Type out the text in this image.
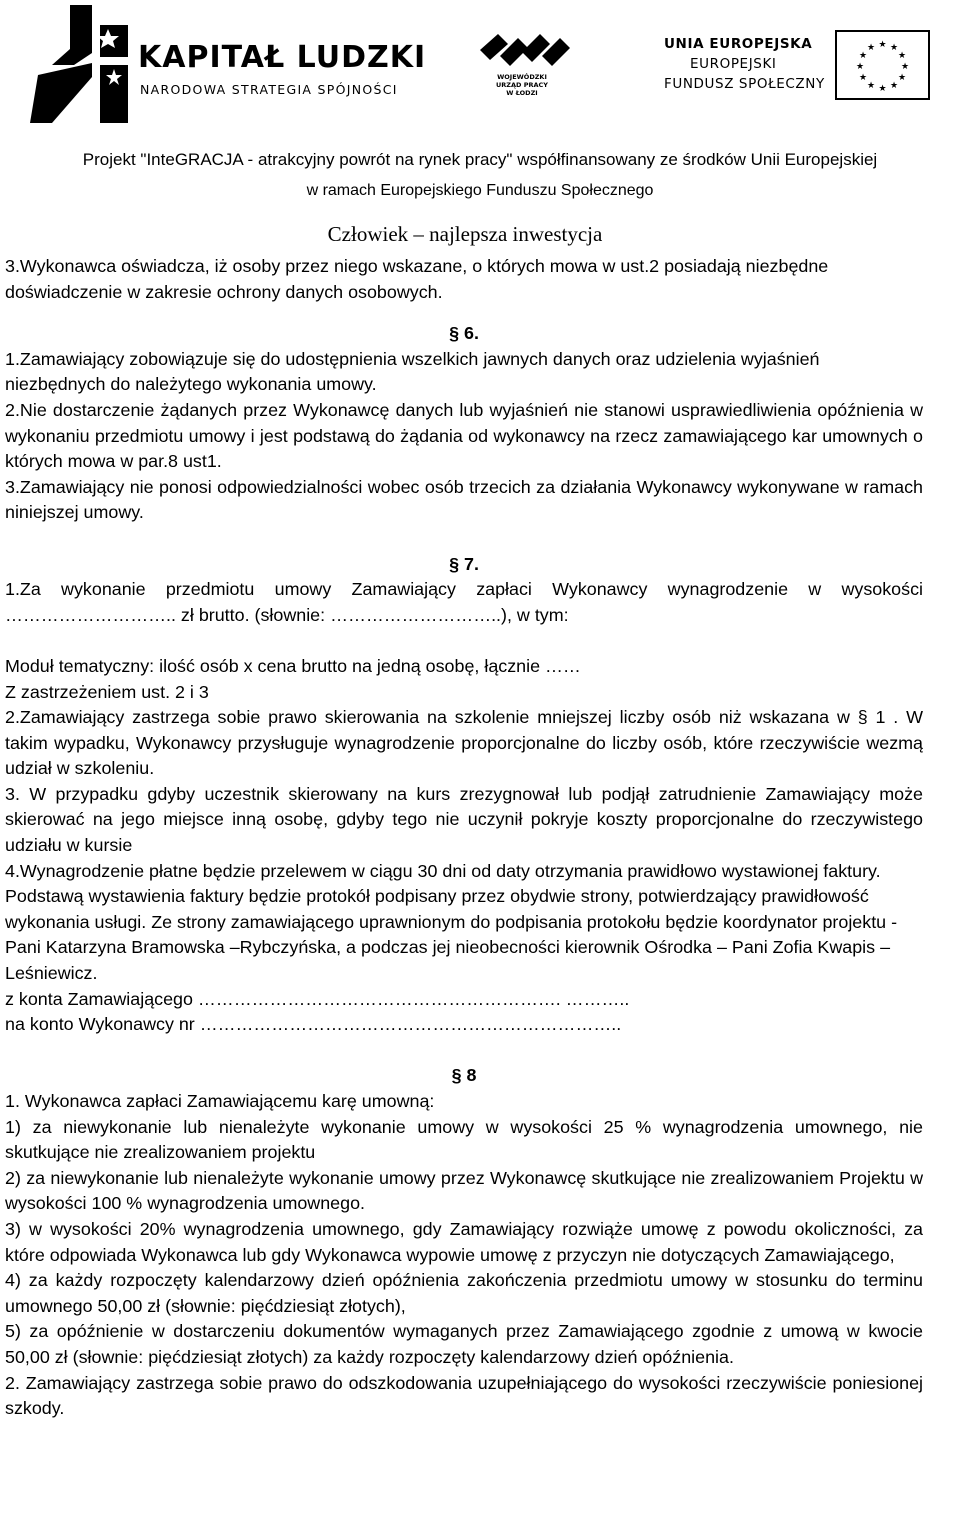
KAPITAŁ LUDZKI
NARODOWA STRATEGIA SPÓJNOŚCI
WOJEWÓDZKI
URZĄD PRACY
W ŁODZI
★ ★
★
★
★
★
★
★
★
★
★
★
UNIA EUROPEJSKA
EUROPEJSKI
FUNDUSZ SPOŁECZNY
Projekt "InteGRACJA - atrakcyjny powrót na rynek pracy" współfinansowany ze środków Unii Europejskiej
w ramach Europejskiego Funduszu Społecznego
Człowiek – najlepsza inwestycja

3.Wykonawca oświadcza, iż osoby przez niego wskazane, o których mowa w ust.2 posiadają niezbędne doświadczenie w zakresie ochrony danych osobowych.

§ 6.

1.Zamawiający zobowiązuje się do udostępnienia wszelkich jawnych danych oraz udzielenia wyjaśnień niezbędnych do należytego wykonania umowy.

2.Nie dostarczenie żądanych przez Wykonawcę danych lub wyjaśnień nie stanowi usprawiedliwienia opóźnienia w wykonaniu przedmiotu umowy i jest podstawą do żądania od wykonawcy na rzecz zamawiającego kar umownych o których mowa w par.8 ust1.

3.Zamawiający nie ponosi odpowiedzialności wobec osób trzecich za działania Wykonawcy wykonywane w ramach niniejszej umowy.

§ 7.

1.Za wykonanie przedmiotu umowy Zamawiający zapłaci Wykonawcy wynagrodzenie w wysokości ……………………….. zł brutto. (słownie: ………………………..), w tym:

Moduł tematyczny: ilość osób x cena brutto na jedną osobę, łącznie ……

Z zastrzeżeniem ust. 2 i 3

2.Zamawiający zastrzega sobie prawo skierowania na szkolenie mniejszej liczby osób niż wskazana w § 1 . W takim wypadku, Wykonawcy przysługuje wynagrodzenie proporcjonalne do liczby osób, które rzeczywiście wezmą udział w szkoleniu.

3. W przypadku gdyby uczestnik skierowany na kurs zrezygnował lub podjął zatrudnienie Zamawiający może skierować na jego miejsce inną osobę, gdyby tego nie uczynił pokryje koszty proporcjonalne do rzeczywistego udziału w kursie

4.Wynagrodzenie płatne będzie przelewem w ciągu 30 dni od daty otrzymania prawidłowo wystawionej faktury. Podstawą wystawienia faktury będzie protokół podpisany przez obydwie strony, potwierdzający prawidłowość wykonania usługi. Ze strony zamawiającego uprawnionym do podpisania protokołu będzie koordynator projektu - Pani Katarzyna Bramowska –Rybczyńska, a podczas jej nieobecności kierownik Ośrodka – Pani Zofia Kwapis –Leśniewicz.

z konta Zamawiającego ……………………………………………………. ………..

na konto Wykonawcy nr ……………………………………………………………..

§ 8

1. Wykonawca zapłaci Zamawiającemu karę umowną:

1) za niewykonanie lub nienależyte wykonanie umowy w wysokości 25 % wynagrodzenia umownego, nie skutkujące nie zrealizowaniem projektu

2) za niewykonanie lub nienależyte wykonanie umowy przez Wykonawcę skutkujące nie zrealizowaniem Projektu w wysokości 100 % wynagrodzenia umownego.

3) w wysokości 20% wynagrodzenia umownego, gdy Zamawiający rozwiąże umowę z powodu okoliczności, za które odpowiada Wykonawca lub gdy Wykonawca wypowie umowę z przyczyn nie dotyczących Zamawiającego,

4) za każdy rozpoczęty kalendarzowy dzień opóźnienia zakończenia przedmiotu umowy w stosunku do terminu umownego 50,00 zł (słownie: pięćdziesiąt złotych),

5) za opóźnienie w dostarczeniu dokumentów wymaganych przez Zamawiającego zgodnie z umową w kwocie 50,00 zł (słownie: pięćdziesiąt złotych) za każdy rozpoczęty kalendarzowy dzień opóźnienia.

2. Zamawiający zastrzega sobie prawo do odszkodowania uzupełniającego do wysokości rzeczywiście poniesionej szkody.
